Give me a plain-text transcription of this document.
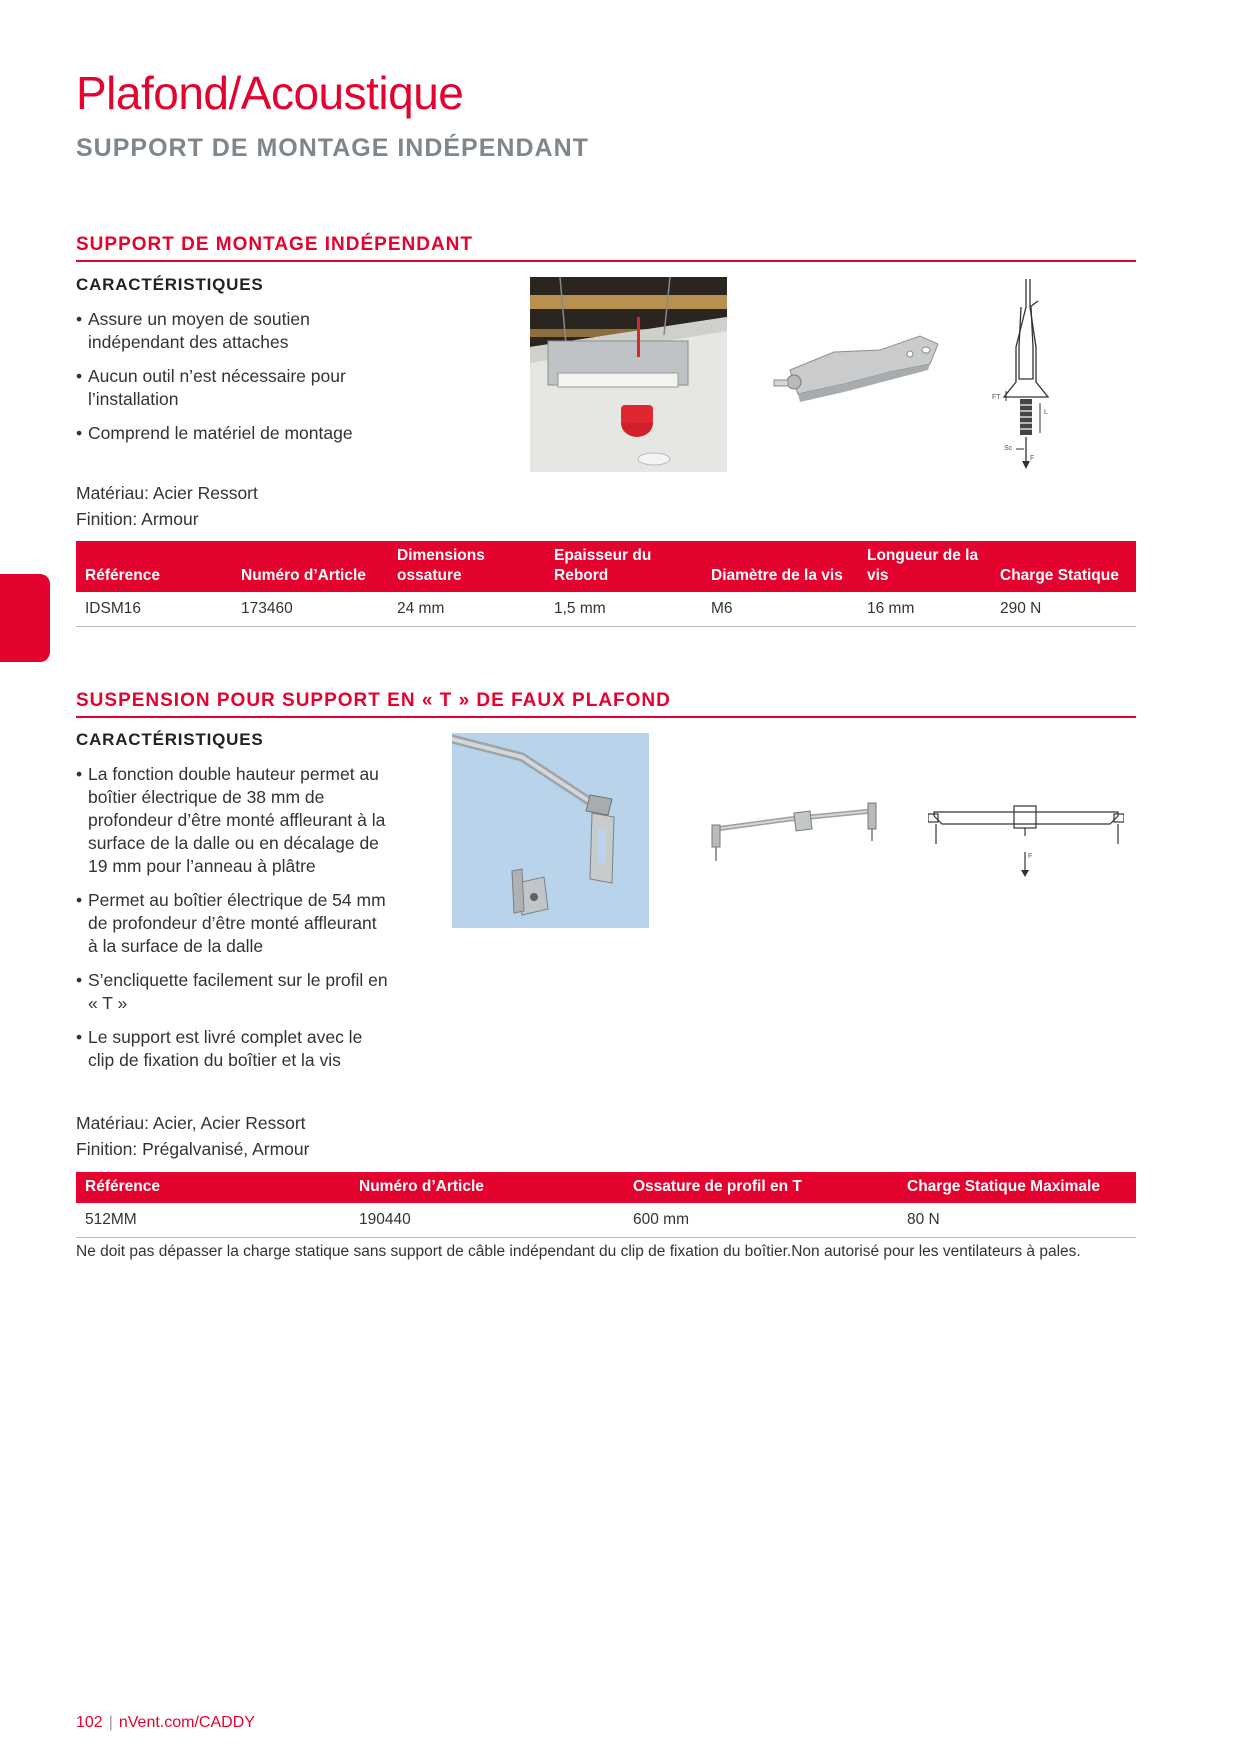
Plafond/Acoustique
SUPPORT DE MONTAGE INDÉPENDANT
SUPPORT DE MONTAGE INDÉPENDANT
CARACTÉRISTIQUES
• Assure un moyen de soutien indépendant des attaches
• Aucun outil n’est nécessaire pour l’installation
• Comprend le matériel de montage
Matériau: Acier Ressort
Finition: Armour
FT
L
Sc
F
Référence	Numéro d’Article	Dimensions ossature	Epaisseur du Rebord	Diamètre de la vis	Longueur de la vis	Charge Statique
IDSM16	173460	24 mm	1,5 mm	M6	16 mm	290 N
SUSPENSION POUR SUPPORT EN « T » DE FAUX PLAFOND
CARACTÉRISTIQUES
• La fonction double hauteur permet au boîtier électrique de 38 mm de profondeur d’être monté affleurant à la surface de la dalle ou en décalage de 19 mm pour l’anneau à plâtre
• Permet au boîtier électrique de 54 mm de profondeur d’être monté affleurant à la surface de la dalle
• S’encliquette facilement sur le profil en « T »
• Le support est livré complet avec le clip de fixation du boîtier et la vis
Matériau: Acier, Acier Ressort
Finition: Prégalvanisé, Armour
F
Référence	Numéro d’Article	Ossature de profil en T	Charge Statique Maximale
512MM	190440	600 mm	80 N
Ne doit pas dépasser la charge statique sans support de câble indépendant du clip de fixation du boîtier.Non autorisé pour les ventilateurs à pales.
102 | nVent.com/CADDY
